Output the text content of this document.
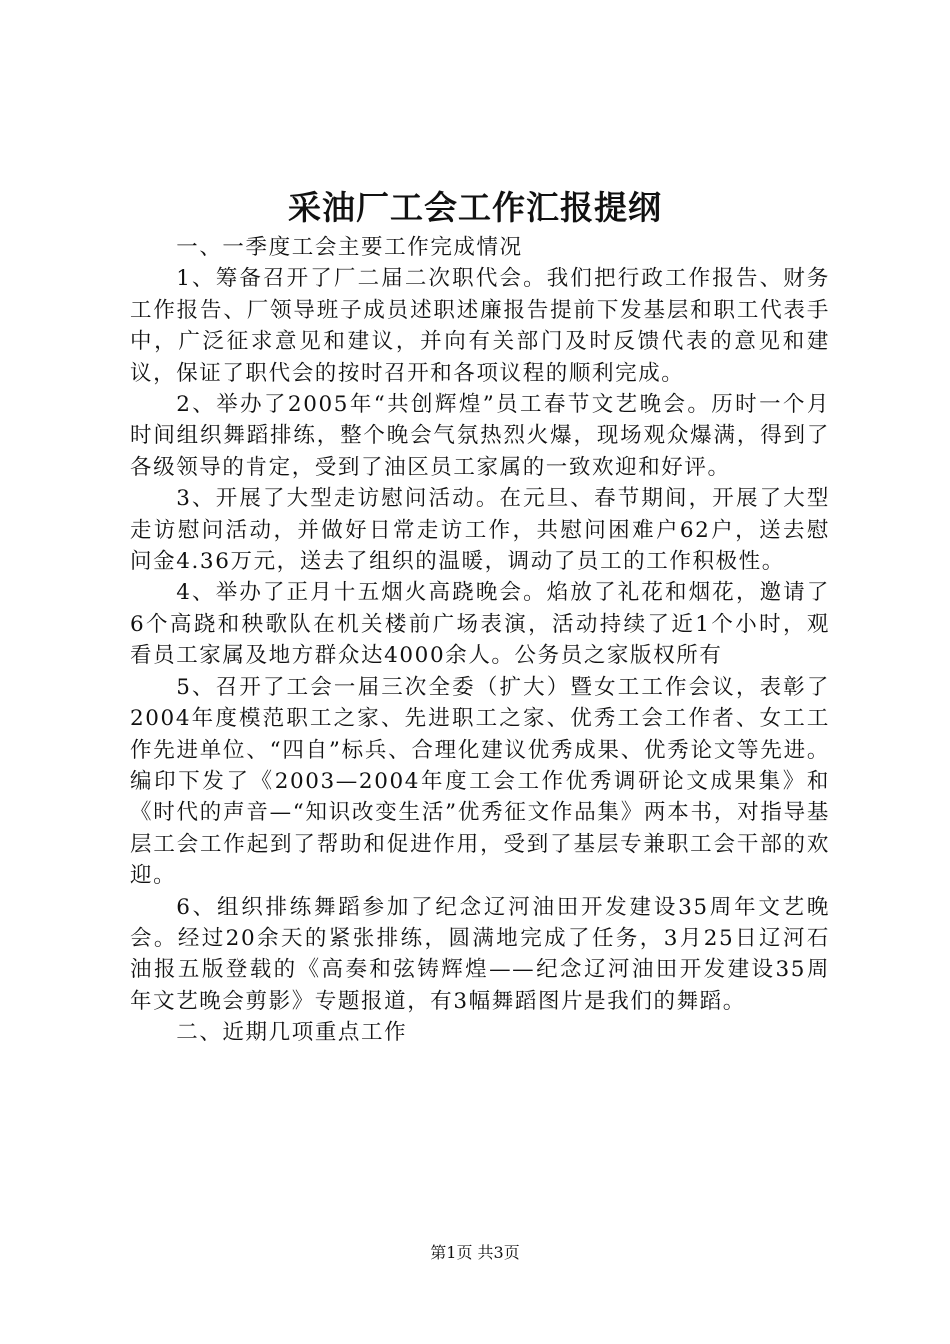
采油厂工会工作汇报提纲

一、一季度工会主要工作完成情况

1、筹备召开了厂二届二次职代会。我们把行政工作报告、财务工作报告、厂领导班子成员述职述廉报告提前下发基层和职工代表手中，广泛征求意见和建议，并向有关部门及时反馈代表的意见和建议，保证了职代会的按时召开和各项议程的顺利完成。

2、举办了2005年“共创辉煌”员工春节文艺晚会。历时一个月时间组织舞蹈排练，整个晚会气氛热烈火爆，现场观众爆满，得到了各级领导的肯定，受到了油区员工家属的一致欢迎和好评。

3、开展了大型走访慰问活动。在元旦、春节期间，开展了大型走访慰问活动，并做好日常走访工作，共慰问困难户62户，送去慰问金4.36万元，送去了组织的温暖，调动了员工的工作积极性。

4、举办了正月十五烟火高跷晚会。焰放了礼花和烟花，邀请了6个高跷和秧歌队在机关楼前广场表演，活动持续了近1个小时，观看员工家属及地方群众达4000余人。公务员之家版权所有

5、召开了工会一届三次全委（扩大）暨女工工作会议，表彰了2004年度模范职工之家、先进职工之家、优秀工会工作者、女工工作先进单位、“四自”标兵、合理化建议优秀成果、优秀论文等先进。编印下发了《2003—2004年度工会工作优秀调研论文成果集》和《时代的声音—“知识改变生活”优秀征文作品集》两本书，对指导基层工会工作起到了帮助和促进作用，受到了基层专兼职工会干部的欢迎。

6、组织排练舞蹈参加了纪念辽河油田开发建设35周年文艺晚会。经过20余天的紧张排练，圆满地完成了任务，3月25日辽河石油报五版登载的《高奏和弦铸辉煌——纪念辽河油田开发建设35周年文艺晚会剪影》专题报道，有3幅舞蹈图片是我们的舞蹈。

二、近期几项重点工作

第1页 共3页
